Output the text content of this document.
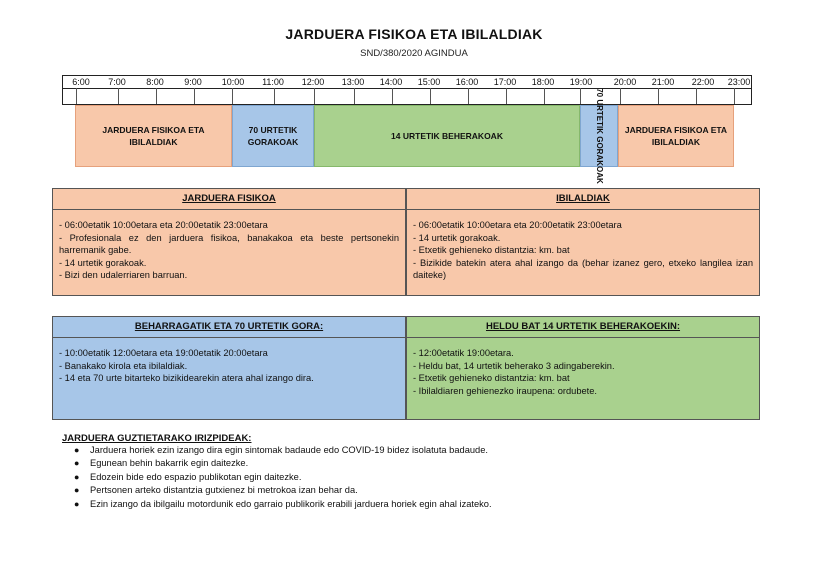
JARDUERA FISIKOA ETA IBILALDIAK
SND/380/2020 AGINDUA
6:00 7:00 8:00 9:00 10:00 11:00 12:00 13:00 14:00 15:00 16:00 17:00 18:00 19:00 20:00 21:00 22:00 23:00
JARDUERA FISIKOA ETA IBILALDIAK
70 URTETIK GORAKOAK
14 URTETIK BEHERAKOAK	70 URTETIK GORAKOAK	JARDUERA FISIKOA ETA IBILALDIAK
JARDUERA FISIKOA
- 06:00etatik 10:00etara eta 20:00etatik 23:00etara
- Profesionala ez den jarduera fisikoa, banakakoa eta beste pertsonekin harremanik gabe.
- 14 urtetik gorakoak.
- Bizi den udalerriaren barruan.
IBILALDIAK
- 06:00etatik 10:00etara eta 20:00etatik 23:00etara
- 14 urtetik gorakoak.
- Etxetik gehieneko distantzia: km. bat
- Bizikide batekin atera ahal izango da (behar izanez gero, etxeko langilea izan daiteke)
BEHARRAGATIK ETA 70 URTETIK GORA:
- 10:00etatik 12:00etara eta 19:00etatik 20:00etara
- Banakako kirola eta ibilaldiak.
- 14 eta 70 urte bitarteko bizikidearekin atera ahal izango dira.
HELDU BAT 14 URTETIK BEHERAKOEKIN:
- 12:00etatik 19:00etara.
- Heldu bat, 14 urtetik beherako 3 adingaberekin.
- Etxetik gehieneko distantzia: km. bat
- Ibilaldiaren gehienezko iraupena: ordubete.
JARDUERA GUZTIETARAKO IRIZPIDEAK:
● Jarduera horiek ezin izango dira egin sintomak badaude edo COVID-19 bidez isolatuta badaude.
● Egunean behin bakarrik egin daitezke.
● Edozein bide edo espazio publikotan egin daitezke.
● Pertsonen arteko distantzia gutxienez bi metrokoa izan behar da.
● Ezin izango da ibilgailu motordunik edo garraio publikorik erabili jarduera horiek egin ahal izateko.
